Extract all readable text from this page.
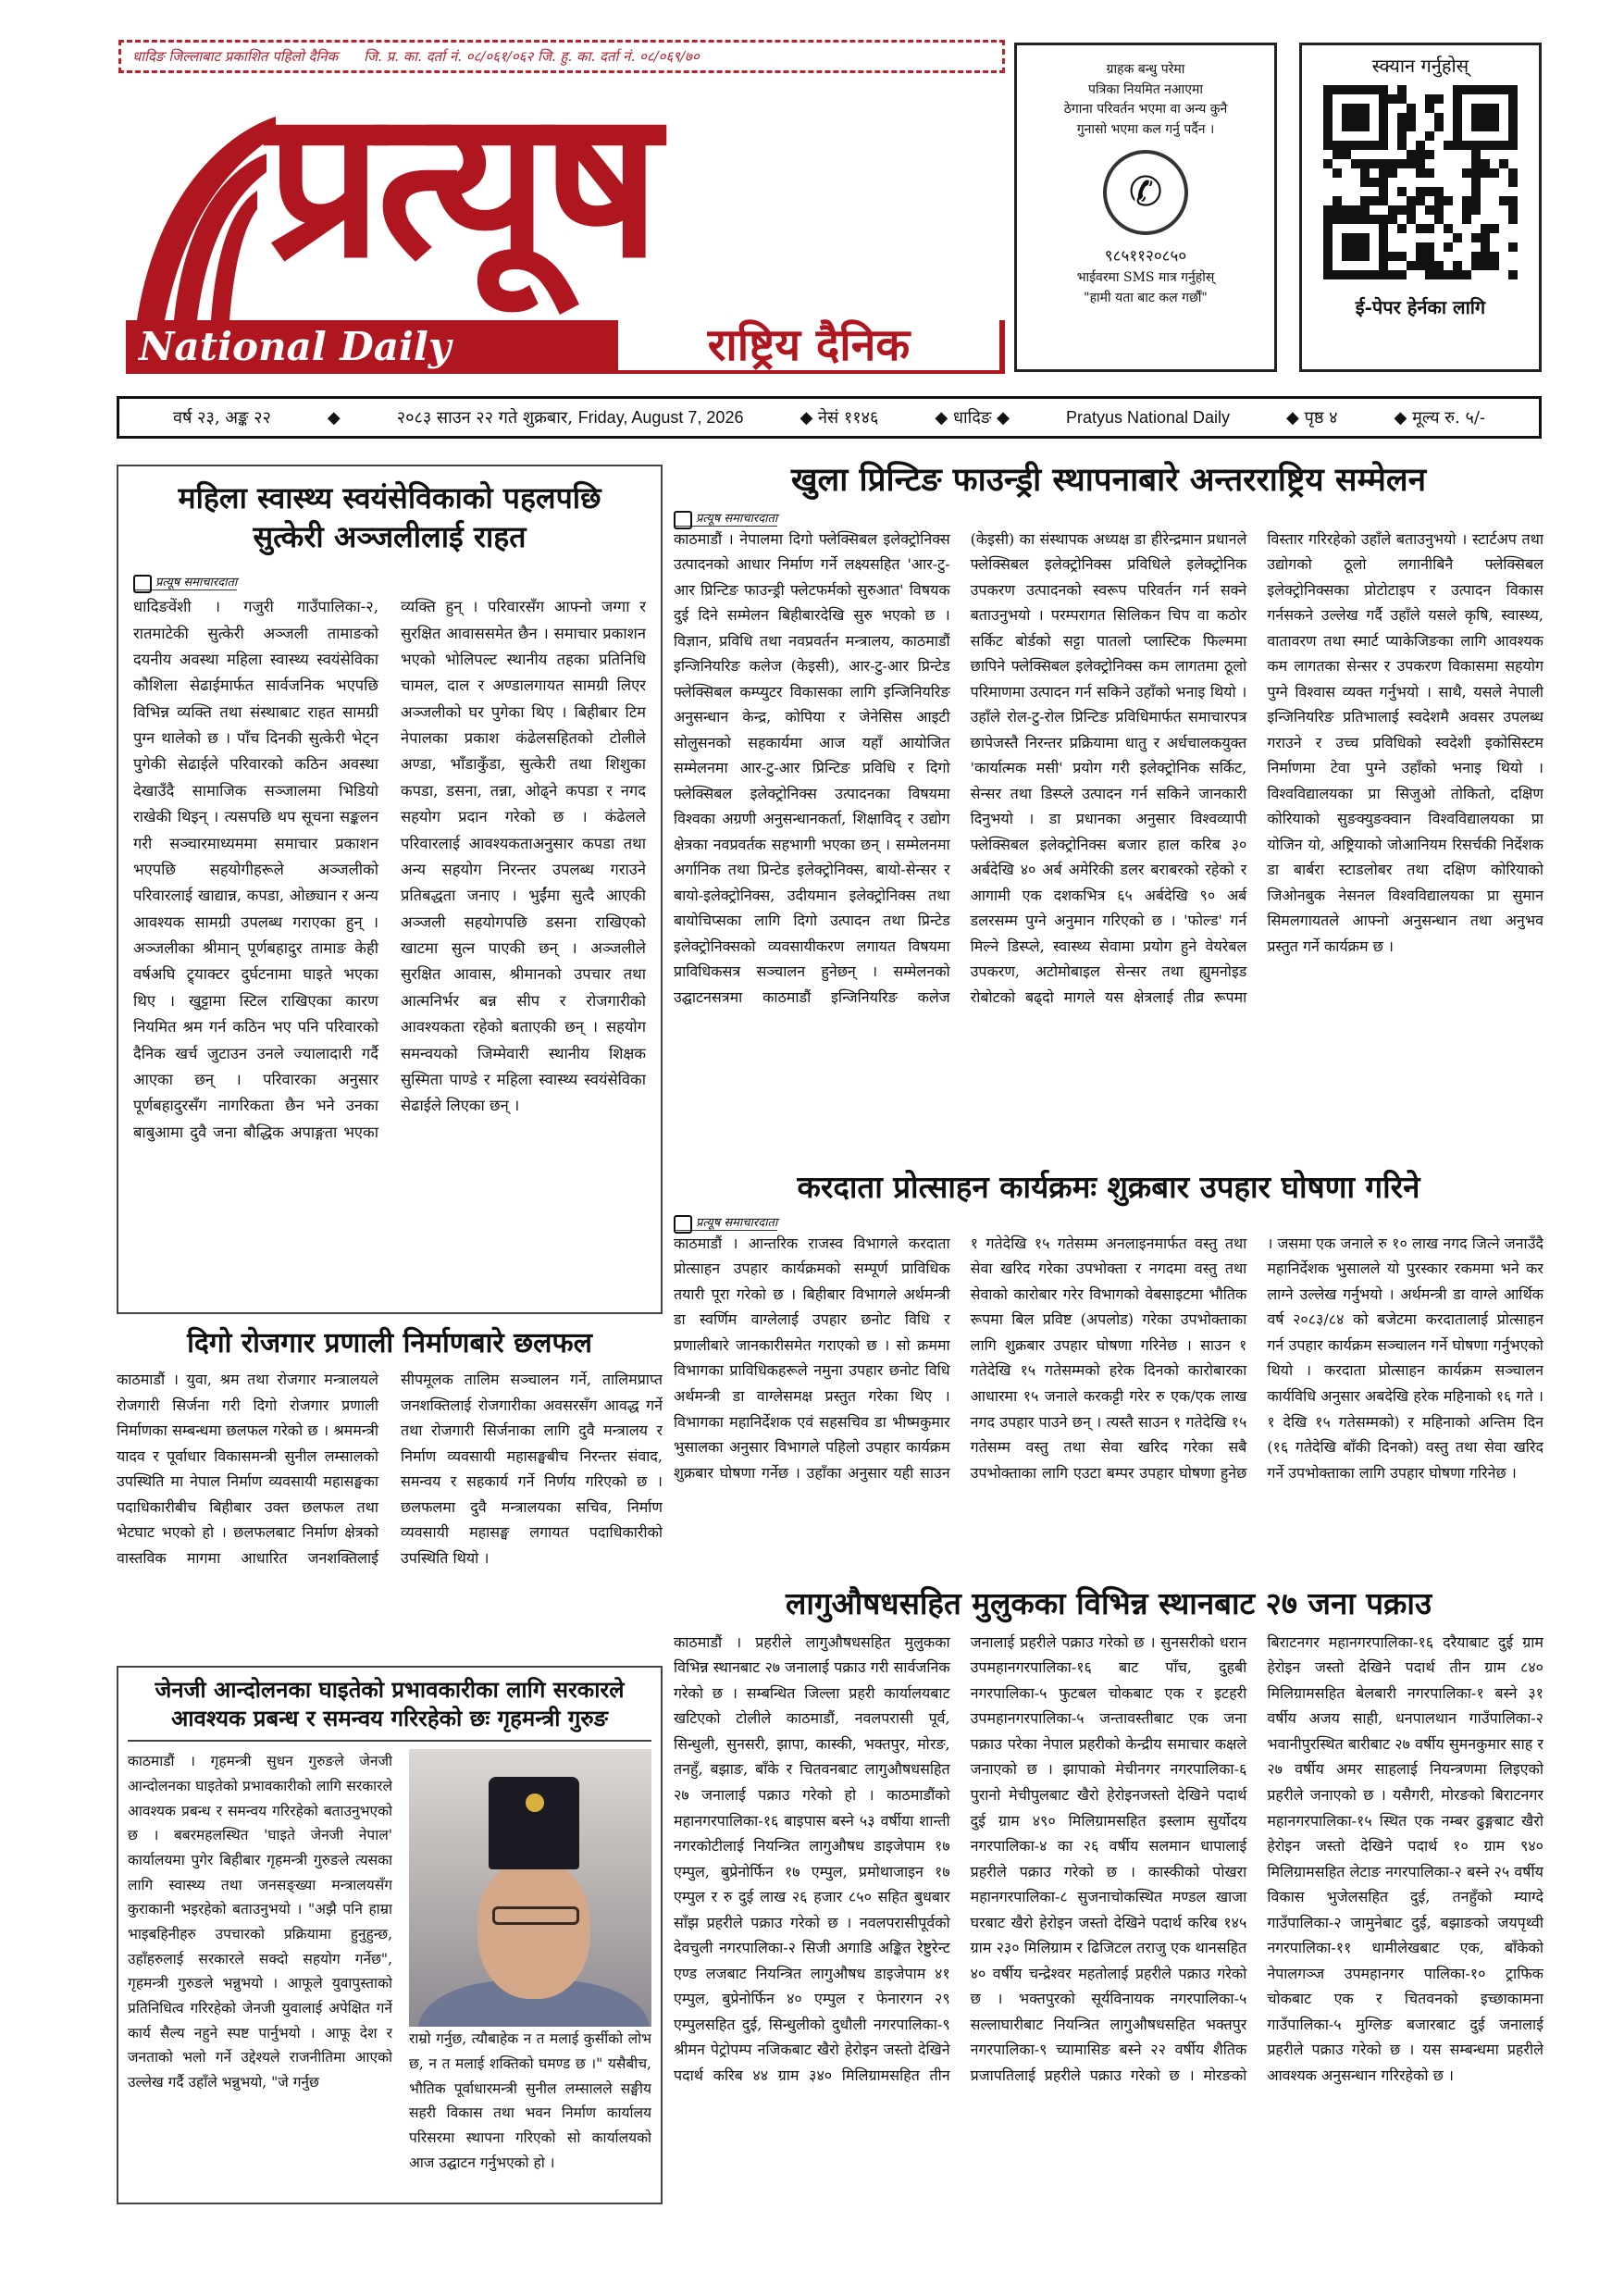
धादिङ जिल्लाबाट प्रकाशित पहिलो दैनिक जि. प्र. का. दर्ता नं. ०८/०६१/०६२ जि. हु. का. दर्ता नं. ०८/०६९/७०
प्रत्यूष
National Daily	राष्ट्रिय दैनिक
ग्राहक बन्धु परेमा
पत्रिका नियमित नआएमा
ठेगाना परिवर्तन भएमा वा अन्य कुनै
गुनासो भएमा कल गर्नु पर्दैन ।
✆
९८५११२०८५०
भाईवरमा SMS मात्र गर्नुहोस्
"हामी यता बाट कल गर्छौं"
स्क्यान गर्नुहोस्
ई-पेपर हेर्नका लागि
वर्ष २३, अङ्क २२	◆	२०८३ साउन २२ गते शुक्रबार, Friday, August 7, 2026	◆ नेसं ११४६	◆ धादिङ ◆	Pratyus National Daily	◆ पृष्ठ ४	◆ मूल्य रु. ५/-
महिला स्वास्थ्य स्वयंसेविकाको पहलपछि
सुत्केरी अञ्जलीलाई राहत
प्रत्यूष समाचारदाता
धादिङवेंशी । गजुरी गाउँपालिका-२, रातमाटेकी सुत्केरी अञ्जली तामाङको दयनीय अवस्था महिला स्वास्थ्य स्वयंसेविका कौशिला सेढाईमार्फत सार्वजनिक भएपछि विभिन्न व्यक्ति तथा संस्थाबाट राहत सामग्री पुग्न थालेको छ । पाँच दिनकी सुत्केरी भेट्न पुगेकी सेढाईले परिवारको कठिन अवस्था देखाउँदै सामाजिक सञ्जालमा भिडियो राखेकी थिइन् । त्यसपछि थप सूचना सङ्कलन गरी सञ्चारमाध्यममा समाचार प्रकाशन भएपछि सहयोगीहरूले अञ्जलीको परिवारलाई खाद्यान्न, कपडा, ओछ्यान र अन्य आवश्यक सामग्री उपलब्ध गराएका हुन् । अञ्जलीका श्रीमान् पूर्णबहादुर तामाङ केही वर्षअघि ट्र्याक्टर दुर्घटनामा घाइते भएका थिए । खुट्टामा स्टिल राखिएका कारण नियमित श्रम गर्न कठिन भए पनि परिवारको दैनिक खर्च जुटाउन उनले ज्यालादारी गर्दै आएका छन् । परिवारका अनुसार पूर्णबहादुरसँग नागरिकता छैन भने उनका बाबुआमा दुवै जना बौद्धिक अपाङ्गता भएका व्यक्ति हुन् । परिवारसँग आफ्नो जग्गा र सुरक्षित आवाससमेत छैन । समाचार प्रकाशन भएको भोलिपल्ट स्थानीय तहका प्रतिनिधि चामल, दाल र अण्डालगायत सामग्री लिएर अञ्जलीको घर पुगेका थिए । बिहीबार टिम नेपालका प्रकाश कंढेलसहितको टोलीले अण्डा, भाँडाकुँडा, सुत्केरी तथा शिशुका कपडा, डसना, तन्ना, ओढ्ने कपडा र नगद सहयोग प्रदान गरेको छ । कंढेलले परिवारलाई आवश्यकताअनुसार कपडा तथा अन्य सहयोग निरन्तर उपलब्ध गराउने प्रतिबद्धता जनाए । भुईंमा सुत्दै आएकी अञ्जली सहयोगपछि डसना राखिएको खाटमा सुत्न पाएकी छन् । अञ्जलीले सुरक्षित आवास, श्रीमानको उपचार तथा आत्मनिर्भर बन्न सीप र रोजगारीको आवश्यकता रहेको बताएकी छन् । सहयोग समन्वयको जिम्मेवारी स्थानीय शिक्षक सुस्मिता पाण्डे र महिला स्वास्थ्य स्वयंसेविका सेढाईले लिएका छन् ।
खुला प्रिन्टिङ फाउन्ड्री स्थापनाबारे अन्तरराष्ट्रिय सम्मेलन
प्रत्यूष समाचारदाता
काठमाडौं । नेपालमा दिगो फ्लेक्सिबल इलेक्ट्रोनिक्स उत्पादनको आधार निर्माण गर्ने लक्ष्यसहित 'आर-टु-आर प्रिन्टिङ फाउन्ड्री फ्लेटफर्मको सुरुआत' विषयक दुई दिने सम्मेलन बिहीबारदेखि सुरु भएको छ । विज्ञान, प्रविधि तथा नवप्रवर्तन मन्त्रालय, काठमाडौं इन्जिनियरिङ कलेज (केइसी), आर-टु-आर प्रिन्टेड फ्लेक्सिबल कम्प्युटर विकासका लागि इन्जिनियरिङ अनुसन्धान केन्द्र, कोपिया र जेनेसिस आइटी सोलुसनको सहकार्यमा आज यहाँ आयोजित सम्मेलनमा आर-टु-आर प्रिन्टिङ प्रविधि र दिगो फ्लेक्सिबल इलेक्ट्रोनिक्स उत्पादनका विषयमा विश्वका अग्रणी अनुसन्धानकर्ता, शिक्षाविद् र उद्योग क्षेत्रका नवप्रवर्तक सहभागी भएका छन् । सम्मेलनमा अर्गानिक तथा प्रिन्टेड इलेक्ट्रोनिक्स, बायो-सेन्सर र बायो-इलेक्ट्रोनिक्स, उदीयमान इलेक्ट्रोनिक्स तथा बायोचिप्सका लागि दिगो उत्पादन तथा प्रिन्टेड इलेक्ट्रोनिक्सको व्यवसायीकरण लगायत विषयमा प्राविधिकसत्र सञ्चालन हुनेछन् । सम्मेलनको उद्घाटनसत्रमा काठमाडौं इन्जिनियरिङ कलेज (केइसी) का संस्थापक अध्यक्ष डा हीरेन्द्रमान प्रधानले फ्लेक्सिबल इलेक्ट्रोनिक्स प्रविधिले इलेक्ट्रोनिक उपकरण उत्पादनको स्वरूप परिवर्तन गर्न सक्ने बताउनुभयो । परम्परागत सिलिकन चिप वा कठोर सर्किट बोर्डको सट्टा पातलो प्लास्टिक फिल्ममा छापिने फ्लेक्सिबल इलेक्ट्रोनिक्स कम लागतमा ठूलो परिमाणमा उत्पादन गर्न सकिने उहाँको भनाइ थियो । उहाँले रोल-टु-रोल प्रिन्टिङ प्रविधिमार्फत समाचारपत्र छापेजस्तै निरन्तर प्रक्रियामा धातु र अर्धचालकयुक्त 'कार्यात्मक मसी' प्रयोग गरी इलेक्ट्रोनिक सर्किट, सेन्सर तथा डिस्प्ले उत्पादन गर्न सकिने जानकारी दिनुभयो । डा प्रधानका अनुसार विश्वव्यापी फ्लेक्सिबल इलेक्ट्रोनिक्स बजार हाल करिब ३० अर्बदेखि ४० अर्ब अमेरिकी डलर बराबरको रहेको र आगामी एक दशकभित्र ६५ अर्बदेखि ९० अर्ब डलरसम्म पुग्ने अनुमान गरिएको छ । 'फोल्ड' गर्न मिल्ने डिस्प्ले, स्वास्थ्य सेवामा प्रयोग हुने वेयरेबल उपकरण, अटोमोबाइल सेन्सर तथा ह्युमनोइड रोबोटको बढ्दो मागले यस क्षेत्रलाई तीव्र रूपमा विस्तार गरिरहेको उहाँले बताउनुभयो । स्टार्टअप तथा उद्योगको ठूलो लगानीबिनै फ्लेक्सिबल इलेक्ट्रोनिक्सका प्रोटोटाइप र उत्पादन विकास गर्नसकने उल्लेख गर्दै उहाँले यसले कृषि, स्वास्थ्य, वातावरण तथा स्मार्ट प्याकेजिङका लागि आवश्यक कम लागतका सेन्सर र उपकरण विकासमा सहयोग पुग्ने विश्वास व्यक्त गर्नुभयो । साथै, यसले नेपाली इन्जिनियरिङ प्रतिभालाई स्वदेशमै अवसर उपलब्ध गराउने र उच्च प्रविधिको स्वदेशी इकोसिस्टम निर्माणमा टेवा पुग्ने उहाँको भनाइ थियो । विश्वविद्यालयका प्रा सिजुओ तोकितो, दक्षिण कोरियाको सुङक्युङक्वान विश्वविद्यालयका प्रा योजिन यो, अष्ट्रियाको जोआनियम रिसर्चकी निर्देशक डा बार्बरा स्टाडलोबर तथा दक्षिण कोरियाको जिओनबुक नेसनल विश्वविद्यालयका प्रा सुमान सिमलगायतले आफ्नो अनुसन्धान तथा अनुभव प्रस्तुत गर्ने कार्यक्रम छ ।
करदाता प्रोत्साहन कार्यक्रमः शुक्रबार उपहार घोषणा गरिने
प्रत्यूष समाचारदाता
काठमाडौं । आन्तरिक राजस्व विभागले करदाता प्रोत्साहन उपहार कार्यक्रमको सम्पूर्ण प्राविधिक तयारी पूरा गरेको छ । बिहीबार विभागले अर्थमन्त्री डा स्वर्णिम वाग्लेलाई उपहार छनोट विधि र प्रणालीबारे जानकारीसमेत गराएको छ । सो क्रममा विभागका प्राविधिकहरूले नमुना उपहार छनोट विधि अर्थमन्त्री डा वाग्लेसमक्ष प्रस्तुत गरेका थिए । विभागका महानिर्देशक एवं सहसचिव डा भीष्मकुमार भुसालका अनुसार विभागले पहिलो उपहार कार्यक्रम शुक्रबार घोषणा गर्नेछ । उहाँका अनुसार यही साउन १ गतेदेखि १५ गतेसम्म अनलाइनमार्फत वस्तु तथा सेवा खरिद गरेका उपभोक्ता र नगदमा वस्तु तथा सेवाको कारोबार गरेर विभागको वेबसाइटमा भौतिक रूपमा बिल प्रविष्ट (अपलोड) गरेका उपभोक्ताका लागि शुक्रबार उपहार घोषणा गरिनेछ । साउन १ गतेदेखि १५ गतेसम्मको हरेक दिनको कारोबारका आधारमा १५ जनाले करकट्टी गरेर रु एक/एक लाख नगद उपहार पाउने छन् । त्यस्तै साउन १ गतेदेखि १५ गतेसम्म वस्तु तथा सेवा खरिद गरेका सबै उपभोक्ताका लागि एउटा बम्पर उपहार घोषणा हुनेछ । जसमा एक जनाले रु १० लाख नगद जित्ने जनाउँदै महानिर्देशक भुसालले यो पुरस्कार रकममा भने कर लाग्ने उल्लेख गर्नुभयो । अर्थमन्त्री डा वाग्ले आर्थिक वर्ष २०८३/८४ को बजेटमा करदातालाई प्रोत्साहन गर्न उपहार कार्यक्रम सञ्चालन गर्ने घोषणा गर्नुभएको थियो । करदाता प्रोत्साहन कार्यक्रम सञ्चालन कार्यविधि अनुसार अबदेखि हरेक महिनाको १६ गते । १ देखि १५ गतेसम्मको) र महिनाको अन्तिम दिन (१६ गतेदेखि बाँकी दिनको) वस्तु तथा सेवा खरिद गर्ने उपभोक्ताका लागि उपहार घोषणा गरिनेछ ।
दिगो रोजगार प्रणाली निर्माणबारे छलफल
काठमाडौं । युवा, श्रम तथा रोजगार मन्त्रालयले रोजगारी सिर्जना गरी दिगो रोजगार प्रणाली निर्माणका सम्बन्धमा छलफल गरेको छ । श्रममन्त्री यादव र पूर्वाधार विकासमन्त्री सुनील लम्सालको उपस्थिति मा नेपाल निर्माण व्यवसायी महासङ्घका पदाधिकारीबीच बिहीबार उक्त छलफल तथा भेटघाट भएको हो । छलफलबाट निर्माण क्षेत्रको वास्तविक मागमा आधारित जनशक्तिलाई सीपमूलक तालिम सञ्चालन गर्ने, तालिमप्राप्त जनशक्तिलाई रोजगारीका अवसरसँग आवद्ध गर्ने तथा रोजगारी सिर्जनाका लागि दुवै मन्त्रालय र निर्माण व्यवसायी महासङ्घबीच निरन्तर संवाद, समन्वय र सहकार्य गर्ने निर्णय गरिएको छ । छलफलमा दुवै मन्त्रालयका सचिव, निर्माण व्यवसायी महासङ्घ लगायत पदाधिकारीको उपस्थिति थियो ।
जेनजी आन्दोलनका घाइतेको प्रभावकारीका लागि सरकारले
आवश्यक प्रबन्ध र समन्वय गरिरहेको छः गृहमन्त्री गुरुङ
काठमाडौं । गृहमन्त्री सुधन गुरुङले जेनजी आन्दोलनका घाइतेको प्रभावकारीको लागि सरकारले आवश्यक प्रबन्ध र समन्वय गरिरहेको बताउनुभएको छ । बबरमहलस्थित 'घाइते जेनजी नेपाल' कार्यालयमा पुगेर बिहीबार गृहमन्त्री गुरुङले त्यसका लागि स्वास्थ्य तथा जनसङ्ख्या मन्त्रालयसँग कुराकानी भइरहेको बताउनुभयो । "अझै पनि हाम्रा भाइबहिनीहरु उपचारको प्रक्रियामा हुनुहुन्छ, उहाँहरुलाई सरकारले सक्दो सहयोग गर्नेछ", गृहमन्त्री गुरुङले भन्नुभयो । आफूले युवापुस्ताको प्रतिनिधित्व गरिरहेको जेनजी युवालाई अपेक्षित गर्ने कार्य सैल्य नहुने स्पष्ट पार्नुभयो । आफू देश र जनताको भलो गर्ने उद्देश्यले राजनीतिमा आएको उल्लेख गर्दै उहाँले भन्नुभयो, "जे गर्नुछ
राम्रो गर्नुछ, त्यौबाहेक न त मलाई कुर्सीको लोभ छ, न त मलाई शक्तिको घमण्ड छ ।" यसैबीच, भौतिक पूर्वाधारमन्त्री सुनील लम्सालले सङ्घीय सहरी विकास तथा भवन निर्माण कार्यालय परिसरमा स्थापना गरिएको सो कार्यालयको आज उद्घाटन गर्नुभएको हो ।
लागुऔषधसहित मुलुकका विभिन्न स्थानबाट २७ जना पक्राउ
काठमाडौं । प्रहरीले लागुऔषधसहित मुलुकका विभिन्न स्थानबाट २७ जनालाई पक्राउ गरी सार्वजनिक गरेको छ । सम्बन्धित जिल्ला प्रहरी कार्यालयबाट खटिएको टोलीले काठमाडौं, नवलपरासी पूर्व, सिन्धुली, सुनसरी, झापा, कास्की, भक्तपुर, मोरङ, तनहुँ, बझाङ, बाँके र चितवनबाट लागुऔषधसहित २७ जनालाई पक्राउ गरेको हो । काठमाडौंको महानगरपालिका-१६ बाइपास बस्ने ५३ वर्षीया शान्ती नगरकोटीलाई नियन्त्रित लागुऔषध डाइजेपाम १७ एम्पुल, बुप्रेनोर्फिन १७ एम्पुल, प्रमोथाजाइन १७ एम्पुल र रु दुई लाख २६ हजार ८५० सहित बुधबार साँझ प्रहरीले पक्राउ गरेको छ । नवलपरासीपूर्वको देवचुली नगरपालिका-२ सिजी अगाडि अङ्कित रेष्टुरेन्ट एण्ड लजबाट नियन्त्रित लागुऔषध डाइजेपाम ४१ एम्पुल, बुप्रेनोर्फिन ४० एम्पुल र फेनारगन २९ एम्पुलसहित दुई, सिन्धुलीको दुधौली नगरपालिका-९ श्रीमन पेट्रोपम्प नजिकबाट खैरो हेरोइन जस्तो देखिने पदार्थ करिब ४४ ग्राम ३४० मिलिग्रामसहित तीन जनालाई प्रहरीले पक्राउ गरेको छ । सुनसरीको धरान उपमहानगरपालिका-१६ बाट पाँच, दुहबी नगरपालिका-५ फुटबल चोकबाट एक र इटहरी उपमहानगरपालिका-५ जन्तावस्तीबाट एक जना पक्राउ परेका नेपाल प्रहरीको केन्द्रीय समाचार कक्षले जनाएको छ । झापाको मेचीनगर नगरपालिका-६ पुरानो मेचीपुलबाट खैरो हेरोइनजस्तो देखिने पदार्थ दुई ग्राम ४९० मिलिग्रामसहित इस्लाम सुर्योदय नगरपालिका-४ का २६ वर्षीय सलमान धापालाई प्रहरीले पक्राउ गरेको छ । कास्कीको पोखरा महानगरपालिका-८ सुजनाचोकस्थित मण्डल खाजा घरबाट खैरो हेरोइन जस्तो देखिने पदार्थ करिब १४५ ग्राम २३० मिलिग्राम र ढिजिटल तराजु एक थानसहित ४० वर्षीय चन्द्रेश्वर महतोलाई प्रहरीले पक्राउ गरेको छ । भक्तपुरको सूर्यविनायक नगरपालिका-५ सल्लाघारीबाट नियन्त्रित लागुऔषधसहित भक्तपुर नगरपालिका-९ च्यामासिङ बस्ने २२ वर्षीय शैतिक प्रजापतिलाई प्रहरीले पक्राउ गरेको छ । मोरङको बिराटनगर महानगरपालिका-१६ दरैयाबाट दुई ग्राम हेरोइन जस्तो देखिने पदार्थ तीन ग्राम ८४० मिलिग्रामसहित बेलबारी नगरपालिका-१ बस्ने ३१ वर्षीय अजय साही, धनपालथान गाउँपालिका-२ भवानीपुरस्थित बारीबाट २७ वर्षीय सुमनकुमार साह र २७ वर्षीय अमर साहलाई नियन्त्रणमा लिइएको प्रहरीले जनाएको छ । यसैगरी, मोरङको बिराटनगर महानगरपालिका-१५ स्थित एक नम्बर ढुङ्गबाट खैरो हेरोइन जस्तो देखिने पदार्थ १० ग्राम ९४० मिलिग्रामसहित लेटाङ नगरपालिका-२ बस्ने २५ वर्षीय विकास भुजेलसहित दुई, तनहुँको म्याग्दे गाउँपालिका-२ जामुनेबाट दुई, बझाङको जयपृथ्वी नगरपालिका-११ धामीलेखबाट एक, बाँकेको नेपालगञ्ज उपमहानगर पालिका-१० ट्राफिक चोकबाट एक र चितवनको इच्छाकामना गाउँपालिका-५ मुग्लिङ बजारबाट दुई जनालाई प्रहरीले पक्राउ गरेको छ । यस सम्बन्धमा प्रहरीले आवश्यक अनुसन्धान गरिरहेको छ ।
